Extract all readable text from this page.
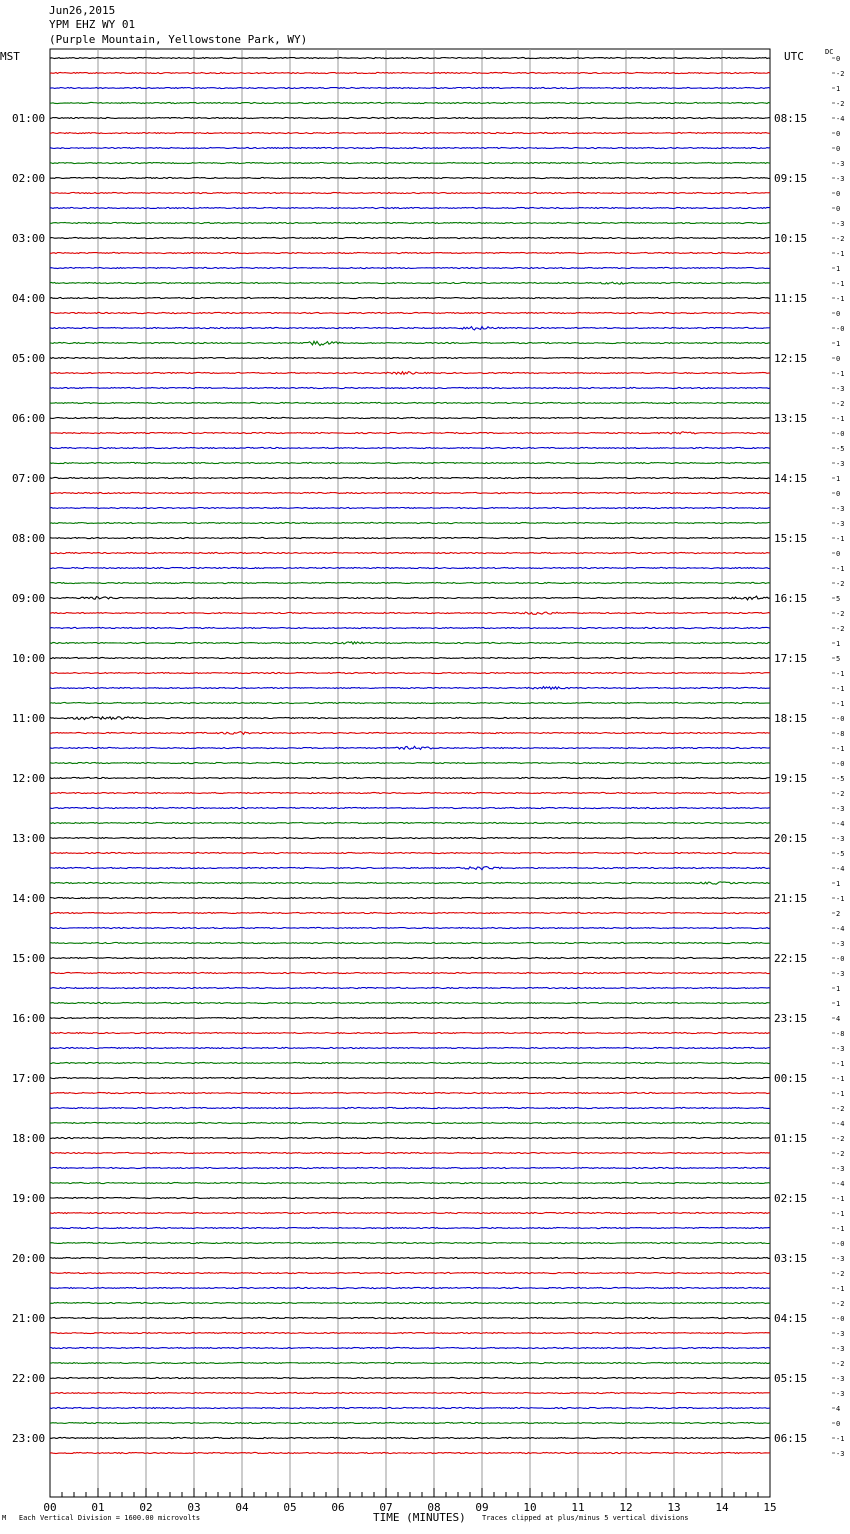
Jun26,2015
YPM EHZ WY 01
(Purple Mountain, Yellowstone Park, WY)
MST	UTC	DC
0
-2
1
-2
-4
0
0
-3
-3
0
0
-3
-2
-1
1
-1
-1
0
-0
1
0
-1
-3
-2
-1
-0
-5
-3
1
0
-3
-3
-1
0
-1
-2
5
-2
-2
1
5
-1
-1
-1
-0
-8
-1
-0
-5
-2
-3
-4
-3
-5
-4
1
-1
2
-4
-3
-0
-3
1
1
4
-8
-3
-1
-1
-1
-2
-4
-2
-2
-3
-4
-1
-1
-1
-0
-3
-2
-1
-2
-0
-3
-3
-2
-3
-3
4
0
-1
-3
01:00	08:15
02:00	09:15
03:00	10:15
04:00	11:15
05:00	12:15
06:00	13:15
07:00	14:15
08:00	15:15
09:00	16:15
10:00	17:15
11:00	18:15
12:00	19:15
13:00	20:15
14:00	21:15
15:00	22:15
16:00	23:15
17:00	00:15
18:00	01:15
19:00	02:15
20:00	03:15
21:00	04:15
22:00	05:15
23:00	06:15
00	01	02	03	04	05	06	07	08	09	10	11	12	13	14	15
M Each Vertical Division = 1600.00 microvolts	TIME (MINUTES) Traces clipped at plus/minus 5 vertical divisions
